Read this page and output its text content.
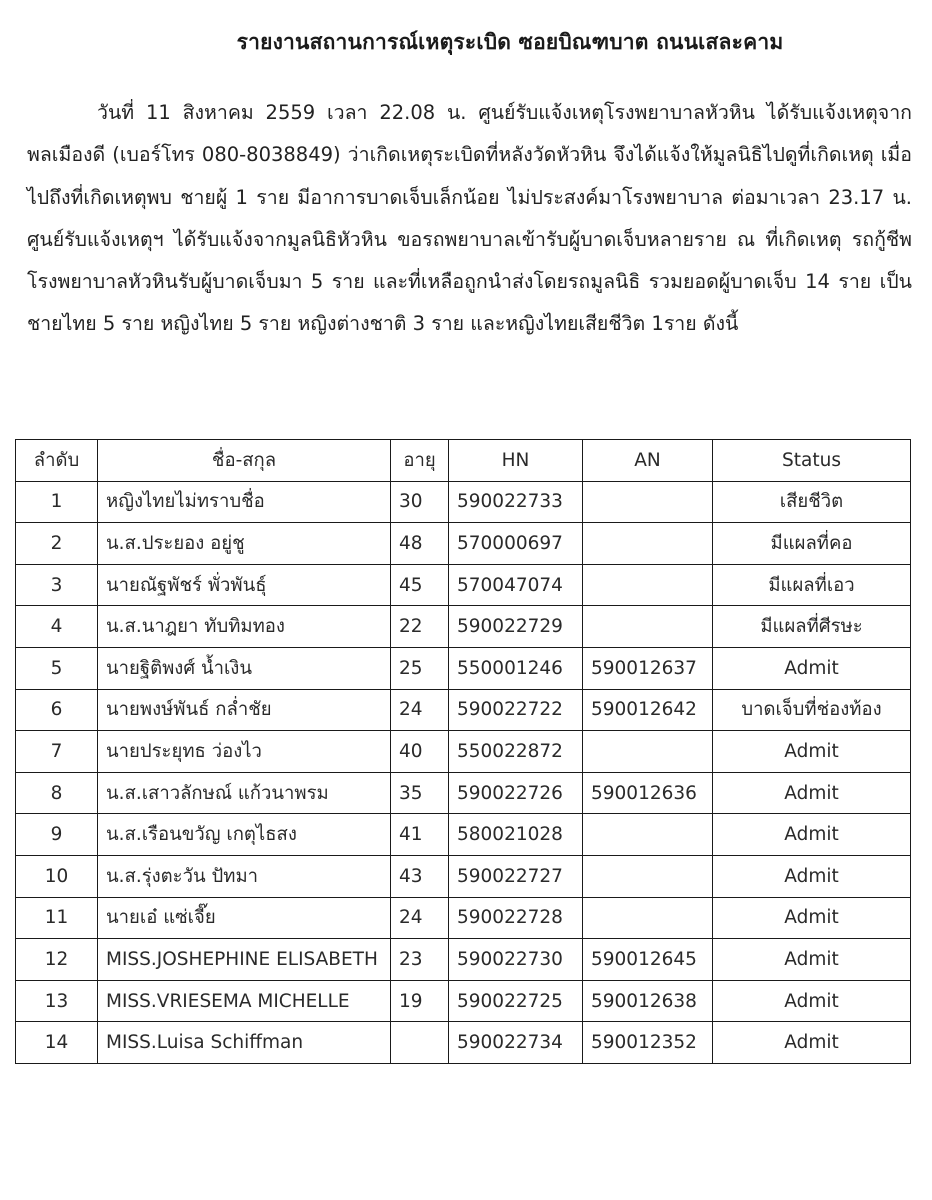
รายงานสถานการณ์เหตุระเบิด ซอยบิณฑบาต ถนนเสละคาม
วันที่ 11 สิงหาคม 2559 เวลา 22.08 น. ศูนย์รับแจ้งเหตุโรงพยาบาลหัวหิน ได้รับแจ้งเหตุจากพลเมืองดี (เบอร์โทร 080-8038849) ว่าเกิดเหตุระเบิดที่หลังวัดหัวหิน จึงได้แจ้งให้มูลนิธิไปดูที่เกิดเหตุ เมื่อไปถึงที่เกิดเหตุพบ ชายผู้ 1 ราย มีอาการบาดเจ็บเล็กน้อย ไม่ประสงค์มาโรงพยาบาล ต่อมาเวลา 23.17 น. ศูนย์รับแจ้งเหตุฯ ได้รับแจ้งจากมูลนิธิหัวหิน ขอรถพยาบาลเข้ารับผู้บาดเจ็บหลายราย ณ ที่เกิดเหตุ รถกู้ชีพโรงพยาบาลหัวหินรับผู้บาดเจ็บมา 5 ราย และที่เหลือถูกนำส่งโดยรถมูลนิธิ รวมยอดผู้บาดเจ็บ 14 ราย เป็นชายไทย 5 ราย หญิงไทย 5 ราย หญิงต่างชาติ 3 ราย และหญิงไทยเสียชีวิต 1ราย ดังนี้
ลำดับ	ชื่อ-สกุล	อายุ	HN	AN	Status
1	หญิงไทยไม่ทราบชื่อ	30	590022733		เสียชีวิต
2	น.ส.ประยอง อยู่ชู	48	570000697		มีแผลที่คอ
3	นายณัฐพัชร์ พั่วพันธุ์	45	570047074		มีแผลที่เอว
4	น.ส.นาฎยา ทับทิมทอง	22	590022729		มีแผลที่ศีรษะ
5	นายฐิติพงศ์ น้ำเงิน	25	550001246	590012637	Admit
6	นายพงษ์พันธ์ กล่ำชัย	24	590022722	590012642	บาดเจ็บที่ช่องท้อง
7	นายประยุทธ ว่องไว	40	550022872		Admit
8	น.ส.เสาวลักษณ์ แก้วนาพรม	35	590022726	590012636	Admit
9	น.ส.เรือนขวัญ เกตุไธสง	41	580021028		Admit
10	น.ส.รุ่งตะวัน ปัทมา	43	590022727		Admit
11	นายเอ๋ แซ่เจี๊ย	24	590022728		Admit
12	MISS.JOSHEPHINE ELISABETH	23	590022730	590012645	Admit
13	MISS.VRIESEMA MICHELLE	19	590022725	590012638	Admit
14	MISS.Luisa Schiffman		590022734	590012352	Admit
